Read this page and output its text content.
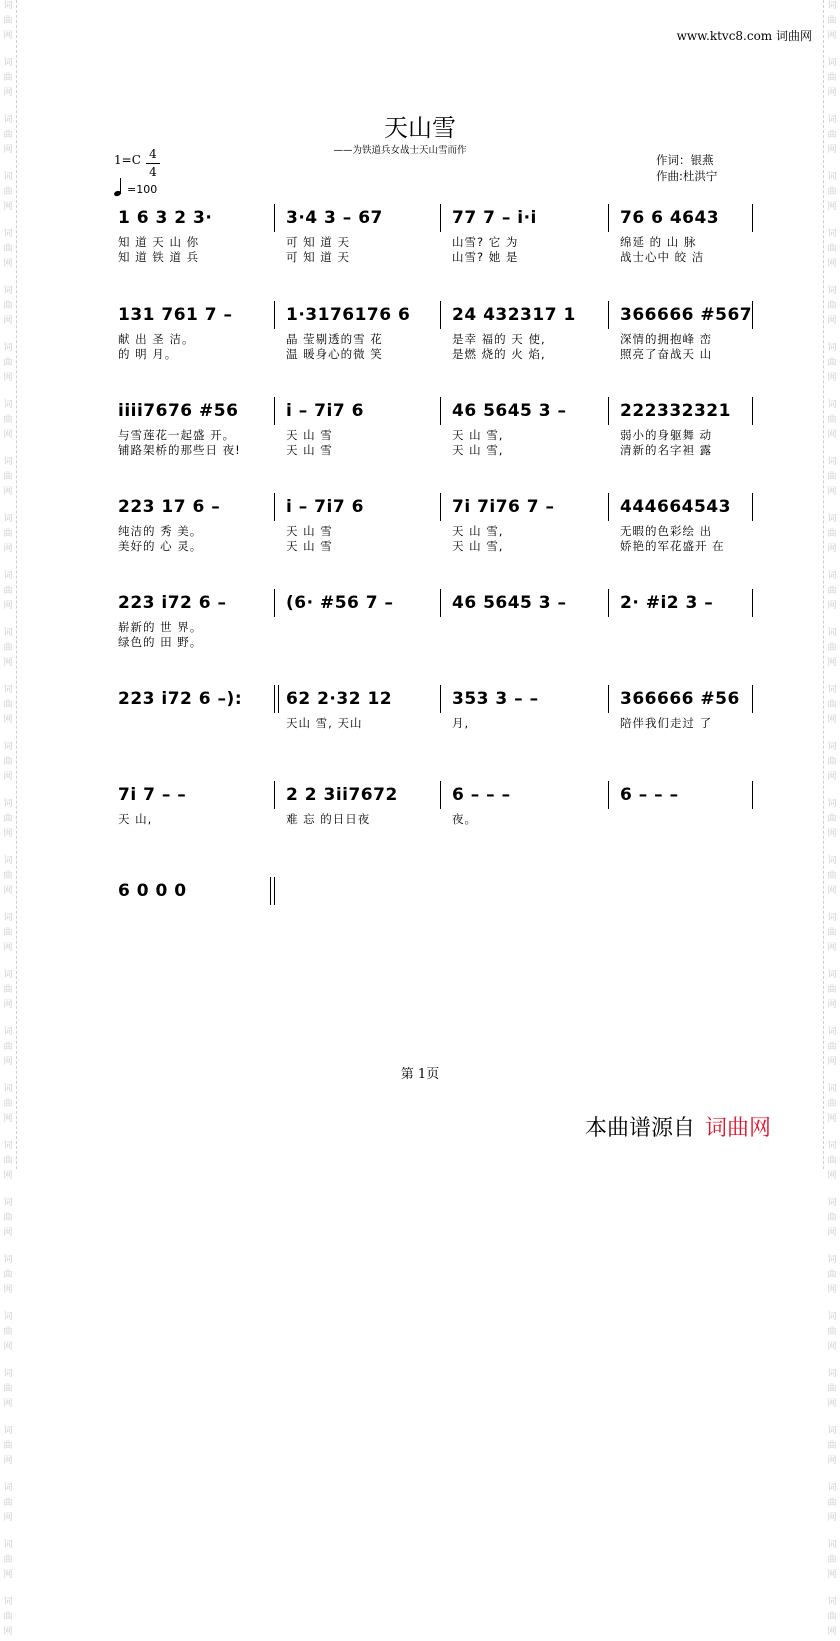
词
曲
网
词
曲
网
词
曲
网
词
曲
网
词
曲
网
词
曲
网
词
曲
网
词
曲
网
词
曲
网
词
曲
网
词
曲
网
词
曲
网
词
曲
网
词
曲
网
词
曲
网
词
曲
网
词
曲
网
词
曲
网
词
曲
网
词
曲
网
词
曲
网
词
曲
网
词
曲
网
词
曲
网
词
曲
网
词
曲
网
词
曲
网
词
曲
网
词
曲
网
词
曲
网
词
曲
网
词
曲
网
词
曲
网
词
曲
网
词
曲
网
词
曲
网
词
曲
网
词
曲
网
词
曲
网
词
曲
网
词
曲
网
词
曲
网
词
曲
网
词
曲
网
词
曲
网
词
曲
网
词
曲
网
词
曲
网
词
曲
网
词
曲
网
词
曲
网
词
曲
网
词
曲
网
词
曲
网
词
曲
网
词
曲
网
词
曲
网
词
曲
网
www.ktvc8.com 词曲网
天山雪
——为铁道兵女战士天山雪而作
1=C 4
4
=100
作词：银燕
作曲:杜洪宁
1 6 3 2 3·
知 道 天 山 你
知 道 铁 道 兵
3·4 3 – 67
可 知 道 天
可 知 道 天
77 7 – i·i
山雪? 它 为
山雪? 她 是
76 6 4643
绵延 的 山 脉
战士心中 皎 洁
131 761 7 –
献 出 圣 洁。
的 明 月。
1·3176176 6
晶 莹剔透的雪 花
温 暖身心的微 笑
24 432317 1
是幸 福的 天 使,
是燃 烧的 火 焰,
366666 #567
深情的拥抱峰 峦
照亮了奋战天 山
iiii7676 #56
与雪莲花一起盛 开。
铺路架桥的那些日 夜!
i – 7i7 6
天 山 雪
天 山 雪
46 5645 3 –
天 山 雪,
天 山 雪,
222332321
弱小的身躯舞 动
清新的名字袒 露
223 17 6 –
纯洁的 秀 美。
美好的 心 灵。
i – 7i7 6
天 山 雪
天 山 雪
7i 7i76 7 –
天 山 雪,
天 山 雪,
444664543
无暇的色彩绘 出
娇艳的军花盛开 在
223 i72 6 –
崭新的 世 界。
绿色的 田 野。
(6· #56 7 –	46 5645 3 –	2· #i2 3 –
223 i72 6 –):	62 2·32 12
天山 雪, 天山
353 3 – –
月,
366666 #56
陪伴我们走过 了
7i 7 – –
天 山,
2 2 3ii7672
难 忘 的日日夜
6 – – –
夜。
6 – – –
6 0 0 0
第 1页
本曲谱源自 词曲网
